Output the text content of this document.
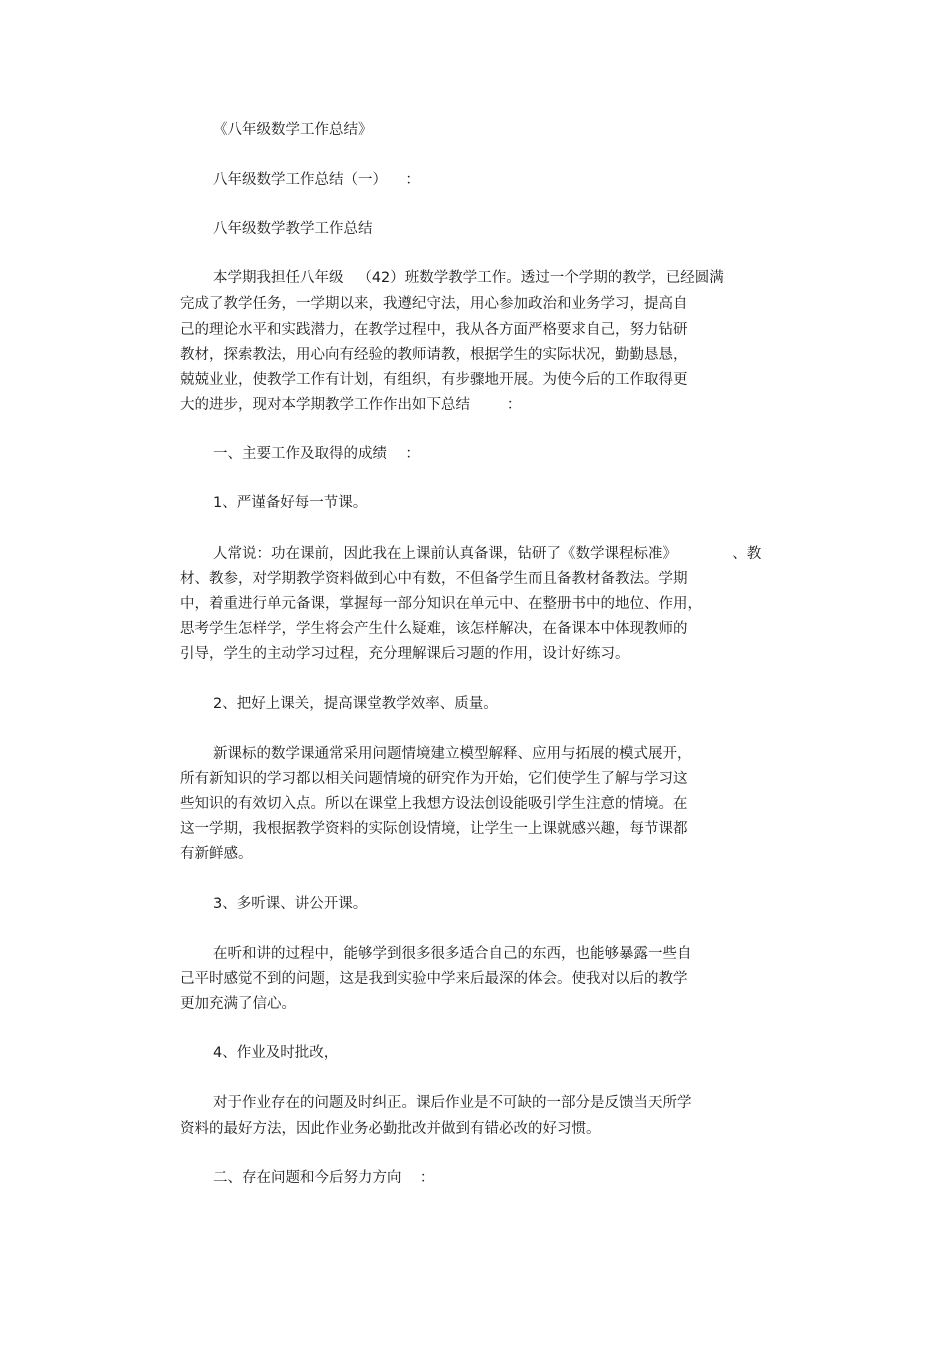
《八年级数学工作总结》

八年级数学工作总结（一）    ：

八年级数学教学工作总结

本学期我担任八年级   （42）班数学教学工作。透过一个学期的教学，已经圆满

完成了教学任务，一学期以来，我遵纪守法，用心参加政治和业务学习，提高自

己的理论水平和实践潜力，在教学过程中，我从各方面严格要求自己，努力钻研

教材，探索教法，用心向有经验的教师请教，根据学生的实际状况，勤勤恳恳，

兢兢业业，使教学工作有计划，有组织，有步骤地开展。为使今后的工作取得更

大的进步，现对本学期教学工作作出如下总结        ：

一、主要工作及取得的成绩    ：

1、严谨备好每一节课。

人常说：功在课前，因此我在上课前认真备课，钻研了《数学课程标准》            、教

材、教参，对学期教学资料做到心中有数，不但备学生而且备教材备教法。学期

中，着重进行单元备课，掌握每一部分知识在单元中、在整册书中的地位、作用，

思考学生怎样学，学生将会产生什么疑难，该怎样解决，在备课本中体现教师的

引导，学生的主动学习过程，充分理解课后习题的作用，设计好练习。

2、把好上课关，提高课堂教学效率、质量。

新课标的数学课通常采用问题情境建立模型解释、应用与拓展的模式展开，

所有新知识的学习都以相关问题情境的研究作为开始，它们使学生了解与学习这

些知识的有效切入点。所以在课堂上我想方设法创设能吸引学生注意的情境。在

这一学期，我根据教学资料的实际创设情境，让学生一上课就感兴趣，每节课都

有新鲜感。

3、多听课、讲公开课。

在听和讲的过程中，能够学到很多很多适合自己的东西，也能够暴露一些自

己平时感觉不到的问题，这是我到实验中学来后最深的体会。使我对以后的教学

更加充满了信心。

4、作业及时批改，

对于作业存在的问题及时纠正。课后作业是不可缺的一部分是反馈当天所学

资料的最好方法，因此作业务必勤批改并做到有错必改的好习惯。

二、存在问题和今后努力方向    ：
